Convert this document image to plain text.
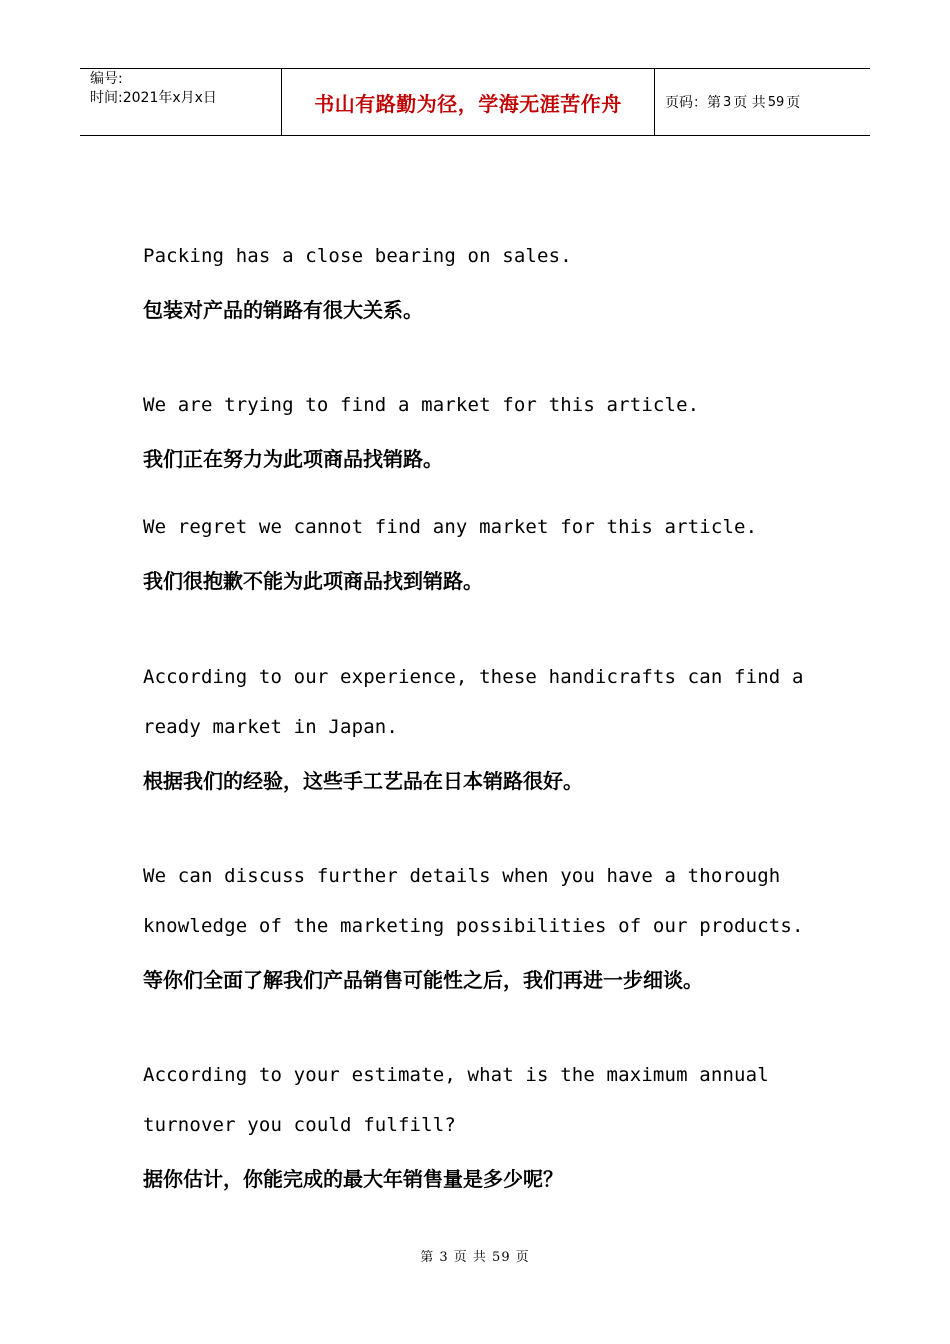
编号:
时间:2021年x月x日	书山有路勤为径，学海无涯苦作舟	页码：第 3 页 共 59 页
Packing has a close bearing on sales.
包装对产品的销路有很大关系。
We are trying to find a market for this article.
我们正在努力为此项商品找销路。
We regret we cannot find any market for this article.
我们很抱歉不能为此项商品找到销路。
According to our experience, these handicrafts can find a
ready market in Japan.
根据我们的经验，这些手工艺品在日本销路很好。
We can discuss further details when you have a thorough
knowledge of the marketing possibilities of our products.
等你们全面了解我们产品销售可能性之后，我们再进一步细谈。
According to your estimate, what is the maximum annual
turnover you could fulfill?
据你估计，你能完成的最大年销售量是多少呢？
第 3 页 共 59 页
